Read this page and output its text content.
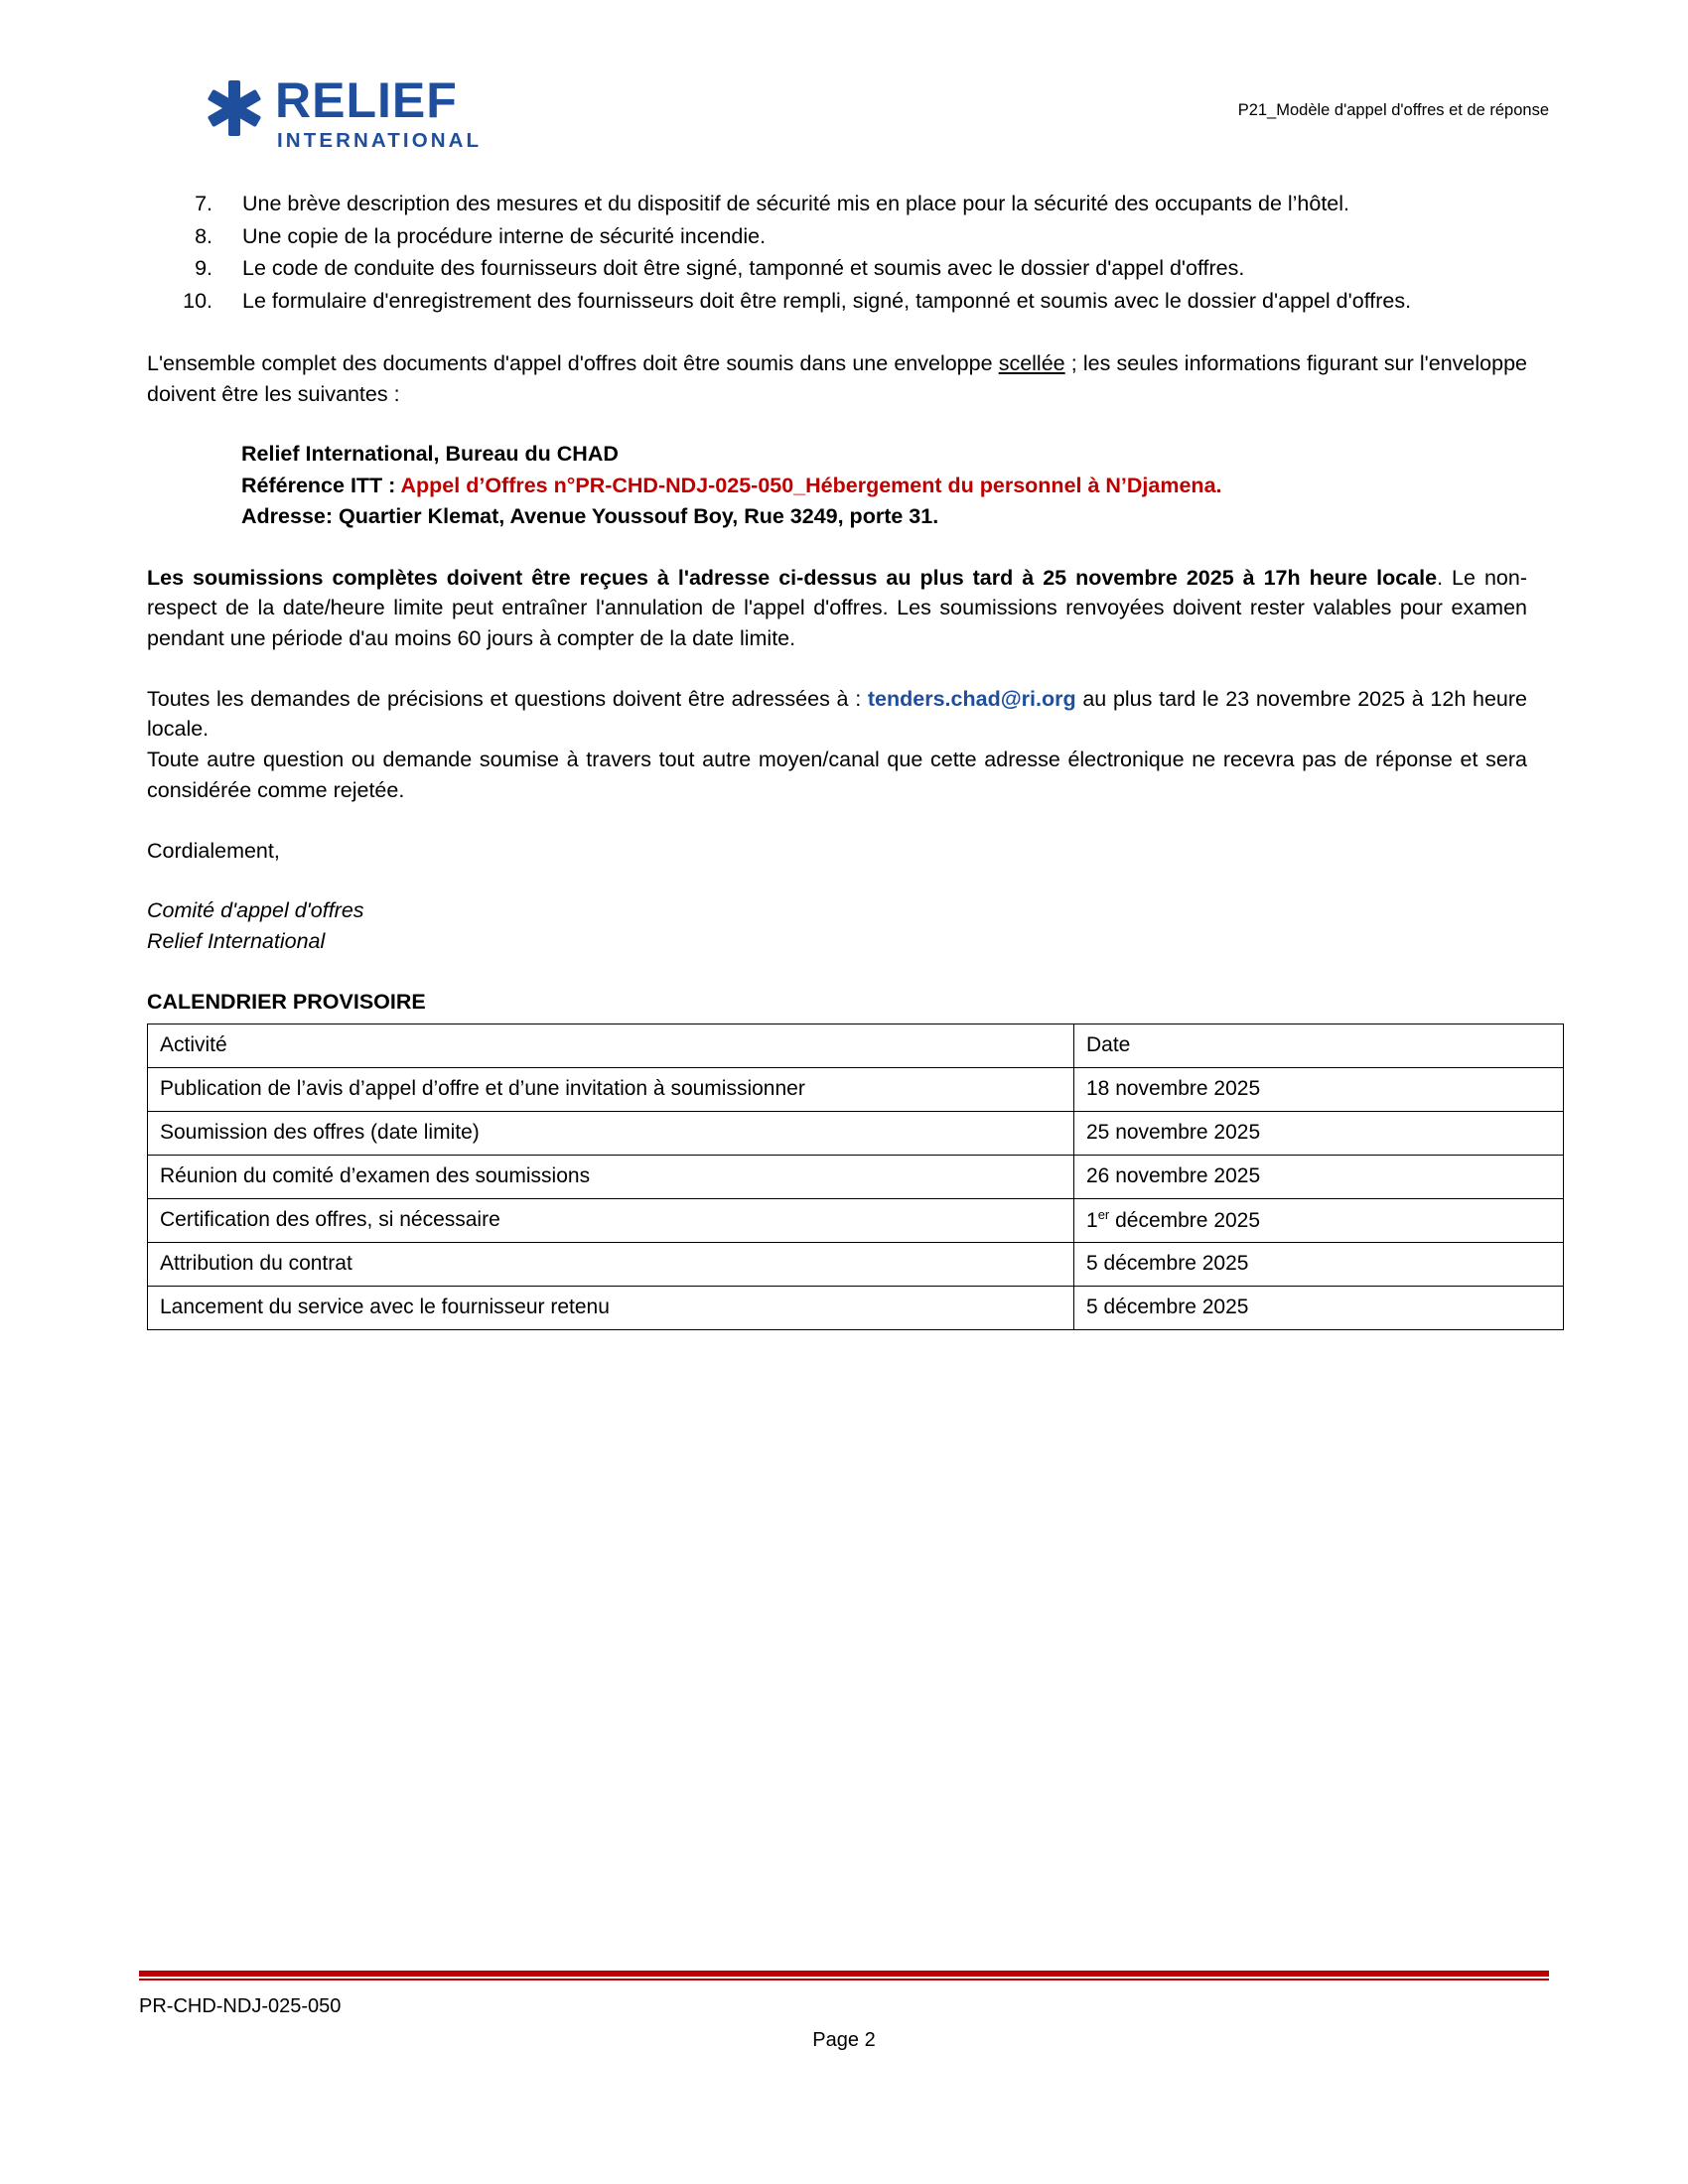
RELIEF
INTERNATIONAL
P21_Modèle d'appel d'offres et de réponse
7. Une brève description des mesures et du dispositif de sécurité mis en place pour la sécurité des occupants de l’hôtel.
8. Une copie de la procédure interne de sécurité incendie.
9. Le code de conduite des fournisseurs doit être signé, tamponné et soumis avec le dossier d'appel d'offres.
10. Le formulaire d'enregistrement des fournisseurs doit être rempli, signé, tamponné et soumis avec le dossier d'appel d'offres.

L'ensemble complet des documents d'appel d'offres doit être soumis dans une enveloppe scellée ; les seules informations figurant sur l'enveloppe doivent être les suivantes :

Relief International, Bureau du CHAD
Référence ITT : Appel d’Offres n°PR-CHD-NDJ-025-050_Hébergement du personnel à N’Djamena.
Adresse: Quartier Klemat, Avenue Youssouf Boy, Rue 3249, porte 31.

Les soumissions complètes doivent être reçues à l'adresse ci-dessus au plus tard à 25 novembre 2025 à 17h heure locale. Le non-respect de la date/heure limite peut entraîner l'annulation de l'appel d'offres. Les soumissions renvoyées doivent rester valables pour examen pendant une période d'au moins 60 jours à compter de la date limite.

Toutes les demandes de précisions et questions doivent être adressées à : tenders.chad@ri.org au plus tard le 23 novembre 2025 à 12h heure locale.

Toute autre question ou demande soumise à travers tout autre moyen/canal que cette adresse électronique ne recevra pas de réponse et sera considérée comme rejetée.

Cordialement,

Comité d'appel d'offres

Relief International

CALENDRIER PROVISOIRE

Activité	Date
Publication de l’avis d’appel d’offre et d’une invitation à soumissionner	18 novembre 2025
Soumission des offres (date limite)	25 novembre 2025
Réunion du comité d’examen des soumissions	26 novembre 2025
Certification des offres, si nécessaire	1er décembre 2025
Attribution du contrat	5 décembre 2025
Lancement du service avec le fournisseur retenu	5 décembre 2025
PR-CHD-NDJ-025-050
Page 2
